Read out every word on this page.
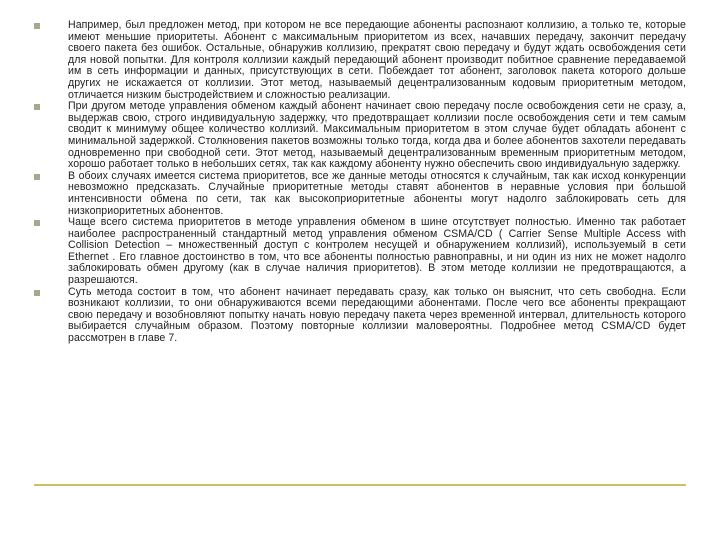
Например, был предложен метод, при котором не все передающие абоненты распознают коллизию, а только те, которые имеют меньшие приоритеты. Абонент с максимальным приоритетом из всех, начавших передачу, закончит передачу своего пакета без ошибок. Остальные, обнаружив коллизию, прекратят свою передачу и будут ждать освобождения сети для новой попытки. Для контроля коллизии каждый передающий абонент производит побитное сравнение передаваемой им в сеть информации и данных, присутствующих в сети. Побеждает тот абонент, заголовок пакета которого дольше других не искажается от коллизии. Этот метод, называемый децентрализованным кодовым приоритетным методом, отличается низким быстродействием и сложностью реализации.
При другом методе управления обменом каждый абонент начинает свою передачу после освобождения сети не сразу, а, выдержав свою, строго индивидуальную задержку, что предотвращает коллизии после освобождения сети и тем самым сводит к минимуму общее количество коллизий. Максимальным приоритетом в этом случае будет обладать абонент с минимальной задержкой. Столкновения пакетов возможны только тогда, когда два и более абонентов захотели передавать одновременно при свободной сети. Этот метод, называемый децентрализованным временным приоритетным методом, хорошо работает только в небольших сетях, так как каждому абоненту нужно обеспечить свою индивидуальную задержку.
В обоих случаях имеется система приоритетов, все же данные методы относятся к случайным, так как исход конкуренции невозможно предсказать. Случайные приоритетные методы ставят абонентов в неравные условия при большой интенсивности обмена по сети, так как высокоприоритетные абоненты могут надолго заблокировать сеть для низкоприоритетных абонентов.
Чаще всего система приоритетов в методе управления обменом в шине отсутствует полностью. Именно так работает наиболее распространенный стандартный метод управления обменом CSMA/CD ( Carrier Sense Multiple Access with Collision Detection – множественный доступ с контролем несущей и обнаружением коллизий), используемый в сети Ethernet . Его главное достоинство в том, что все абоненты полностью равноправны, и ни один из них не может надолго заблокировать обмен другому (как в случае наличия приоритетов). В этом методе коллизии не предотвращаются, а разрешаются.
Суть метода состоит в том, что абонент начинает передавать сразу, как только он выяснит, что сеть свободна. Если возникают коллизии, то они обнаруживаются всеми передающими абонентами. После чего все абоненты прекращают свою передачу и возобновляют попытку начать новую передачу пакета через временной интервал, длительность которого выбирается случайным образом. Поэтому повторные коллизии маловероятны. Подробнее метод CSMA/CD будет рассмотрен в главе 7.
